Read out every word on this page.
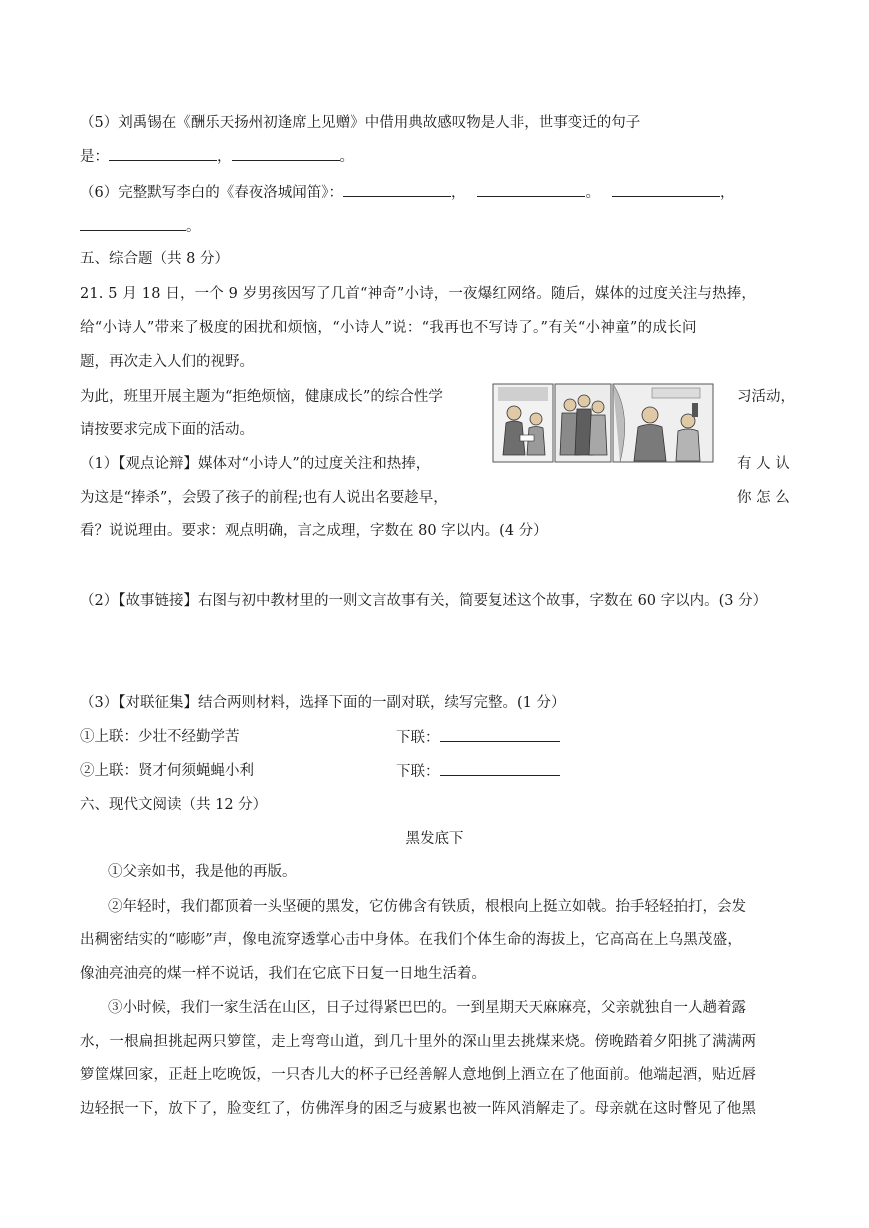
（5）刘禹锡在《酬乐天扬州初逢席上见赠》中借用典故感叹物是人非，世事变迁的句子
是：	，	。
（6）完整默写李白的《春夜洛城闻笛》：	，	。	，
。
五、综合题（共 8 分）
21. 5 月 18 日，一个 9 岁男孩因写了几首“神奇”小诗，一夜爆红网络。随后，媒体的过度关注与热捧，
给“小诗人”带来了极度的困扰和烦恼，“小诗人”说：“我再也不写诗了。”有关“小神童”的成长问
题，再次走入人们的视野。
为此，班里开展主题为“拒绝烦恼，健康成长”的综合性学	习活动，
请按要求完成下面的活动。
（1）【观点论辩】媒体对“小诗人”的过度关注和热捧，	有 人 认
为这是“捧杀”，会毁了孩子的前程;也有人说出名要趁早，	你 怎 么
看？说说理由。要求：观点明确，言之成理，字数在 80 字以内。(4 分）
（2）【故事链接】右图与初中教材里的一则文言故事有关，简要复述这个故事，字数在 60 字以内。(3 分）
（3）【对联征集】结合两则材料，选择下面的一副对联，续写完整。(1 分）
①上联：少壮不经勤学苦	下联：
②上联：贤才何须蝇蝇小利	下联：
六、现代文阅读（共 12 分）
黑发底下
①父亲如书，我是他的再版。
②年轻时，我们都顶着一头坚硬的黑发，它仿佛含有铁质，根根向上挺立如戟。抬手轻轻拍打，会发
出稠密结实的“嘭嘭”声，像电流穿透掌心击中身体。在我们个体生命的海拔上，它高高在上乌黑茂盛，
像油亮油亮的煤一样不说话，我们在它底下日复一日地生活着。
③小时候，我们一家生活在山区，日子过得紧巴巴的。一到星期天天麻麻亮，父亲就独自一人趟着露
水，一根扁担挑起两只箩筐，走上弯弯山道，到几十里外的深山里去挑煤来烧。傍晚踏着夕阳挑了满满两
箩筐煤回家，正赶上吃晚饭，一只杏儿大的杯子已经善解人意地倒上酒立在了他面前。他端起酒，贴近唇
边轻抿一下，放下了，脸变红了，仿佛浑身的困乏与疲累也被一阵风消解走了。母亲就在这时瞥见了他黑
